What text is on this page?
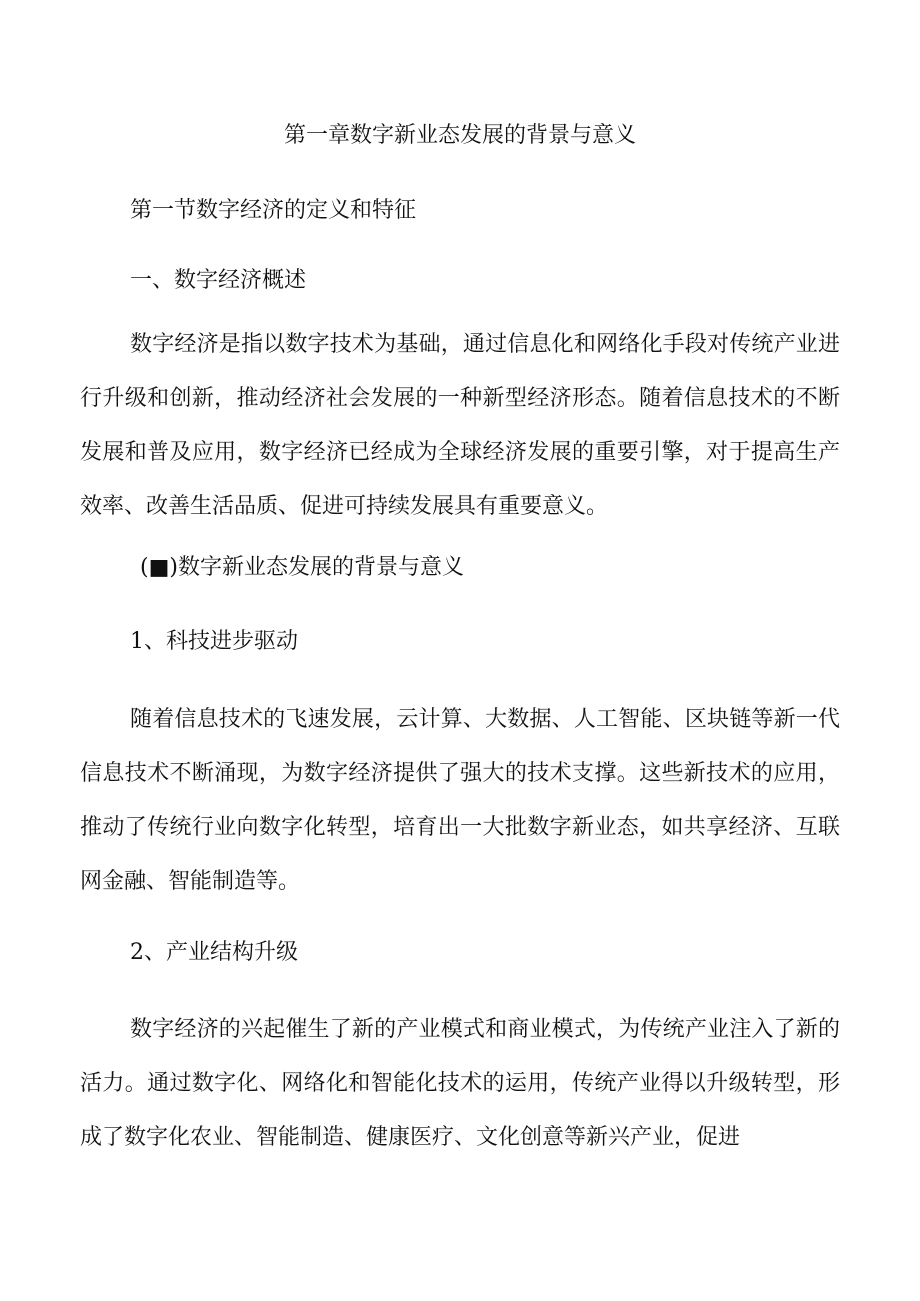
第一章数字新业态发展的背景与意义
第一节数字经济的定义和特征
一、数字经济概述
数字经济是指以数字技术为基础，通过信息化和网络化手段对传统产业进行升级和创新，推动经济社会发展的一种新型经济形态。随着信息技术的不断发展和普及应用，数字经济已经成为全球经济发展的重要引擎，对于提高生产效率、改善生活品质、促进可持续发展具有重要意义。
(■)数字新业态发展的背景与意义
1、科技进步驱动
随着信息技术的飞速发展，云计算、大数据、人工智能、区块链等新一代信息技术不断涌现，为数字经济提供了强大的技术支撑。这些新技术的应用，推动了传统行业向数字化转型，培育出一大批数字新业态，如共享经济、互联网金融、智能制造等。
2、产业结构升级
数字经济的兴起催生了新的产业模式和商业模式，为传统产业注入了新的活力。通过数字化、网络化和智能化技术的运用，传统产业得以升级转型，形成了数字化农业、智能制造、健康医疗、文化创意等新兴产业，促进
